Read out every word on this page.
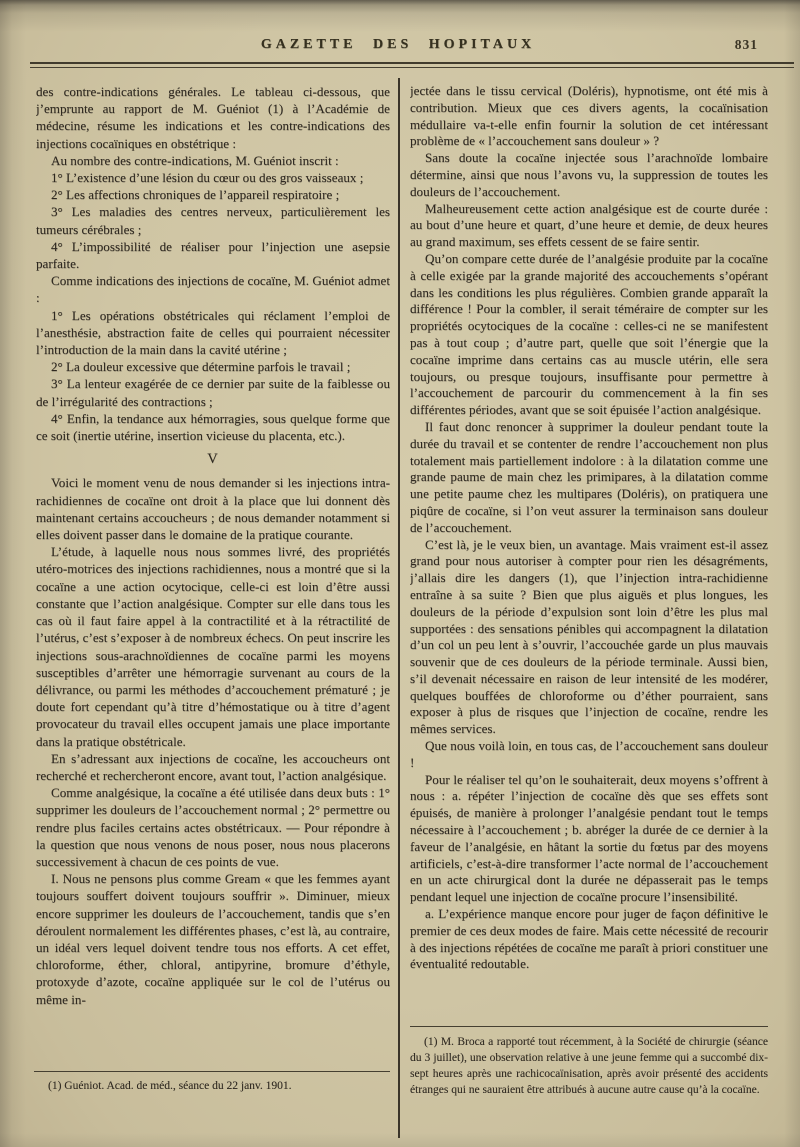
GAZETTE DES HOPITAUX	831

des contre-indications générales. Le tableau ci-dessous, que j’emprunte au rapport de M. Guéniot (1) à l’Académie de médecine, résume les indications et les contre-indications des injections cocaïniques en obstétrique :

Au nombre des contre-indications, M. Guéniot inscrit :

1° L’existence d’une lésion du cœur ou des gros vaisseaux ;

2° Les affections chroniques de l’appareil respiratoire ;

3° Les maladies des centres nerveux, particulièrement les tumeurs cérébrales ;

4° L’impossibilité de réaliser pour l’injection une asepsie parfaite.

Comme indications des injections de cocaïne, M. Guéniot admet :

1° Les opérations obstétricales qui réclament l’emploi de l’anesthésie, abstraction faite de celles qui pourraient nécessiter l’introduction de la main dans la cavité utérine ;

2° La douleur excessive que détermine parfois le travail ;

3° La lenteur exagérée de ce dernier par suite de la faiblesse ou de l’irrégularité des contractions ;

4° Enfin, la tendance aux hémorragies, sous quelque forme que ce soit (inertie utérine, insertion vicieuse du placenta, etc.).

V

Voici le moment venu de nous demander si les injections intra-rachidiennes de cocaïne ont droit à la place que lui donnent dès maintenant certains accoucheurs ; de nous demander notamment si elles doivent passer dans le domaine de la pratique courante.

L’étude, à laquelle nous nous sommes livré, des propriétés utéro-motrices des injections rachidiennes, nous a montré que si la cocaïne a une action ocytocique, celle-ci est loin d’être aussi constante que l’action analgésique. Compter sur elle dans tous les cas où il faut faire appel à la contractilité et à la rétractilité de l’utérus, c’est s’exposer à de nombreux échecs. On peut inscrire les injections sous-arachnoïdiennes de cocaïne parmi les moyens susceptibles d’arrêter une hémorragie survenant au cours de la délivrance, ou parmi les méthodes d’accouchement prématuré ; je doute fort cependant qu’à titre d’hémostatique ou à titre d’agent provocateur du travail elles occupent jamais une place importante dans la pratique obstétricale.

En s’adressant aux injections de cocaïne, les accoucheurs ont recherché et rechercheront encore, avant tout, l’action analgésique.

Comme analgésique, la cocaïne a été utilisée dans deux buts : 1° supprimer les douleurs de l’accouchement normal ; 2° permettre ou rendre plus faciles certains actes obstétricaux. — Pour répondre à la question que nous venons de nous poser, nous nous placerons successivement à chacun de ces points de vue.

I. Nous ne pensons plus comme Gream « que les femmes ayant toujours souffert doivent toujours souffrir ». Diminuer, mieux encore supprimer les douleurs de l’accouchement, tandis que s’en déroulent normalement les différentes phases, c’est là, au contraire, un idéal vers lequel doivent tendre tous nos efforts. A cet effet, chloroforme, éther, chloral, antipyrine, bromure d’éthyle, protoxyde d’azote, cocaïne appliquée sur le col de l’utérus ou même in-

jectée dans le tissu cervical (Doléris), hypnotisme, ont été mis à contribution. Mieux que ces divers agents, la cocaïnisation médullaire va-t-elle enfin fournir la solution de cet intéressant problème de « l’accouchement sans douleur » ?

Sans doute la cocaïne injectée sous l’arachnoïde lombaire détermine, ainsi que nous l’avons vu, la suppression de toutes les douleurs de l’accouchement.

Malheureusement cette action analgésique est de courte durée : au bout d’une heure et quart, d’une heure et demie, de deux heures au grand maximum, ses effets cessent de se faire sentir.

Qu’on compare cette durée de l’analgésie produite par la cocaïne à celle exigée par la grande majorité des accouchements s’opérant dans les conditions les plus régulières. Combien grande apparaît la différence ! Pour la combler, il serait téméraire de compter sur les propriétés ocytociques de la cocaïne : celles-ci ne se manifestent pas à tout coup ; d’autre part, quelle que soit l’énergie que la cocaïne imprime dans certains cas au muscle utérin, elle sera toujours, ou presque toujours, insuffisante pour permettre à l’accouchement de parcourir du commencement à la fin ses différentes périodes, avant que se soit épuisée l’action analgésique.

Il faut donc renoncer à supprimer la douleur pendant toute la durée du travail et se contenter de rendre l’accouchement non plus totalement mais partiellement indolore : à la dilatation comme une grande paume de main chez les primipares, à la dilatation comme une petite paume chez les multipares (Doléris), on pratiquera une piqûre de cocaïne, si l’on veut assurer la terminaison sans douleur de l’accouchement.

C’est là, je le veux bien, un avantage. Mais vraiment est-il assez grand pour nous autoriser à compter pour rien les désagréments, j’allais dire les dangers (1), que l’injection intra-rachidienne entraîne à sa suite ? Bien que plus aiguës et plus longues, les douleurs de la période d’expulsion sont loin d’être les plus mal supportées : des sensations pénibles qui accompagnent la dilatation d’un col un peu lent à s’ouvrir, l’accouchée garde un plus mauvais souvenir que de ces douleurs de la période terminale. Aussi bien, s’il devenait nécessaire en raison de leur intensité de les modérer, quelques bouffées de chloroforme ou d’éther pourraient, sans exposer à plus de risques que l’injection de cocaïne, rendre les mêmes services.

Que nous voilà loin, en tous cas, de l’accouchement sans douleur !

Pour le réaliser tel qu’on le souhaiterait, deux moyens s’offrent à nous : a. répéter l’injection de cocaïne dès que ses effets sont épuisés, de manière à prolonger l’analgésie pendant tout le temps nécessaire à l’accouchement ; b. abréger la durée de ce dernier à la faveur de l’analgésie, en hâtant la sortie du fœtus par des moyens artificiels, c’est-à-dire transformer l’acte normal de l’accouchement en un acte chirurgical dont la durée ne dépasserait pas le temps pendant lequel une injection de cocaïne procure l’insensibilité.

a. L’expérience manque encore pour juger de façon définitive le premier de ces deux modes de faire. Mais cette nécessité de recourir à des injections répétées de cocaïne me paraît à priori constituer une éventualité redoutable.

(1) Guéniot. Acad. de méd., séance du 22 janv. 1901.
(1) M. Broca a rapporté tout récemment, à la Société de chirurgie (séance du 3 juillet), une observation relative à une jeune femme qui a succombé dix-sept heures après une rachicocaïnisation, après avoir présenté des accidents étranges qui ne sauraient être attribués à aucune autre cause qu’à la cocaïne.
